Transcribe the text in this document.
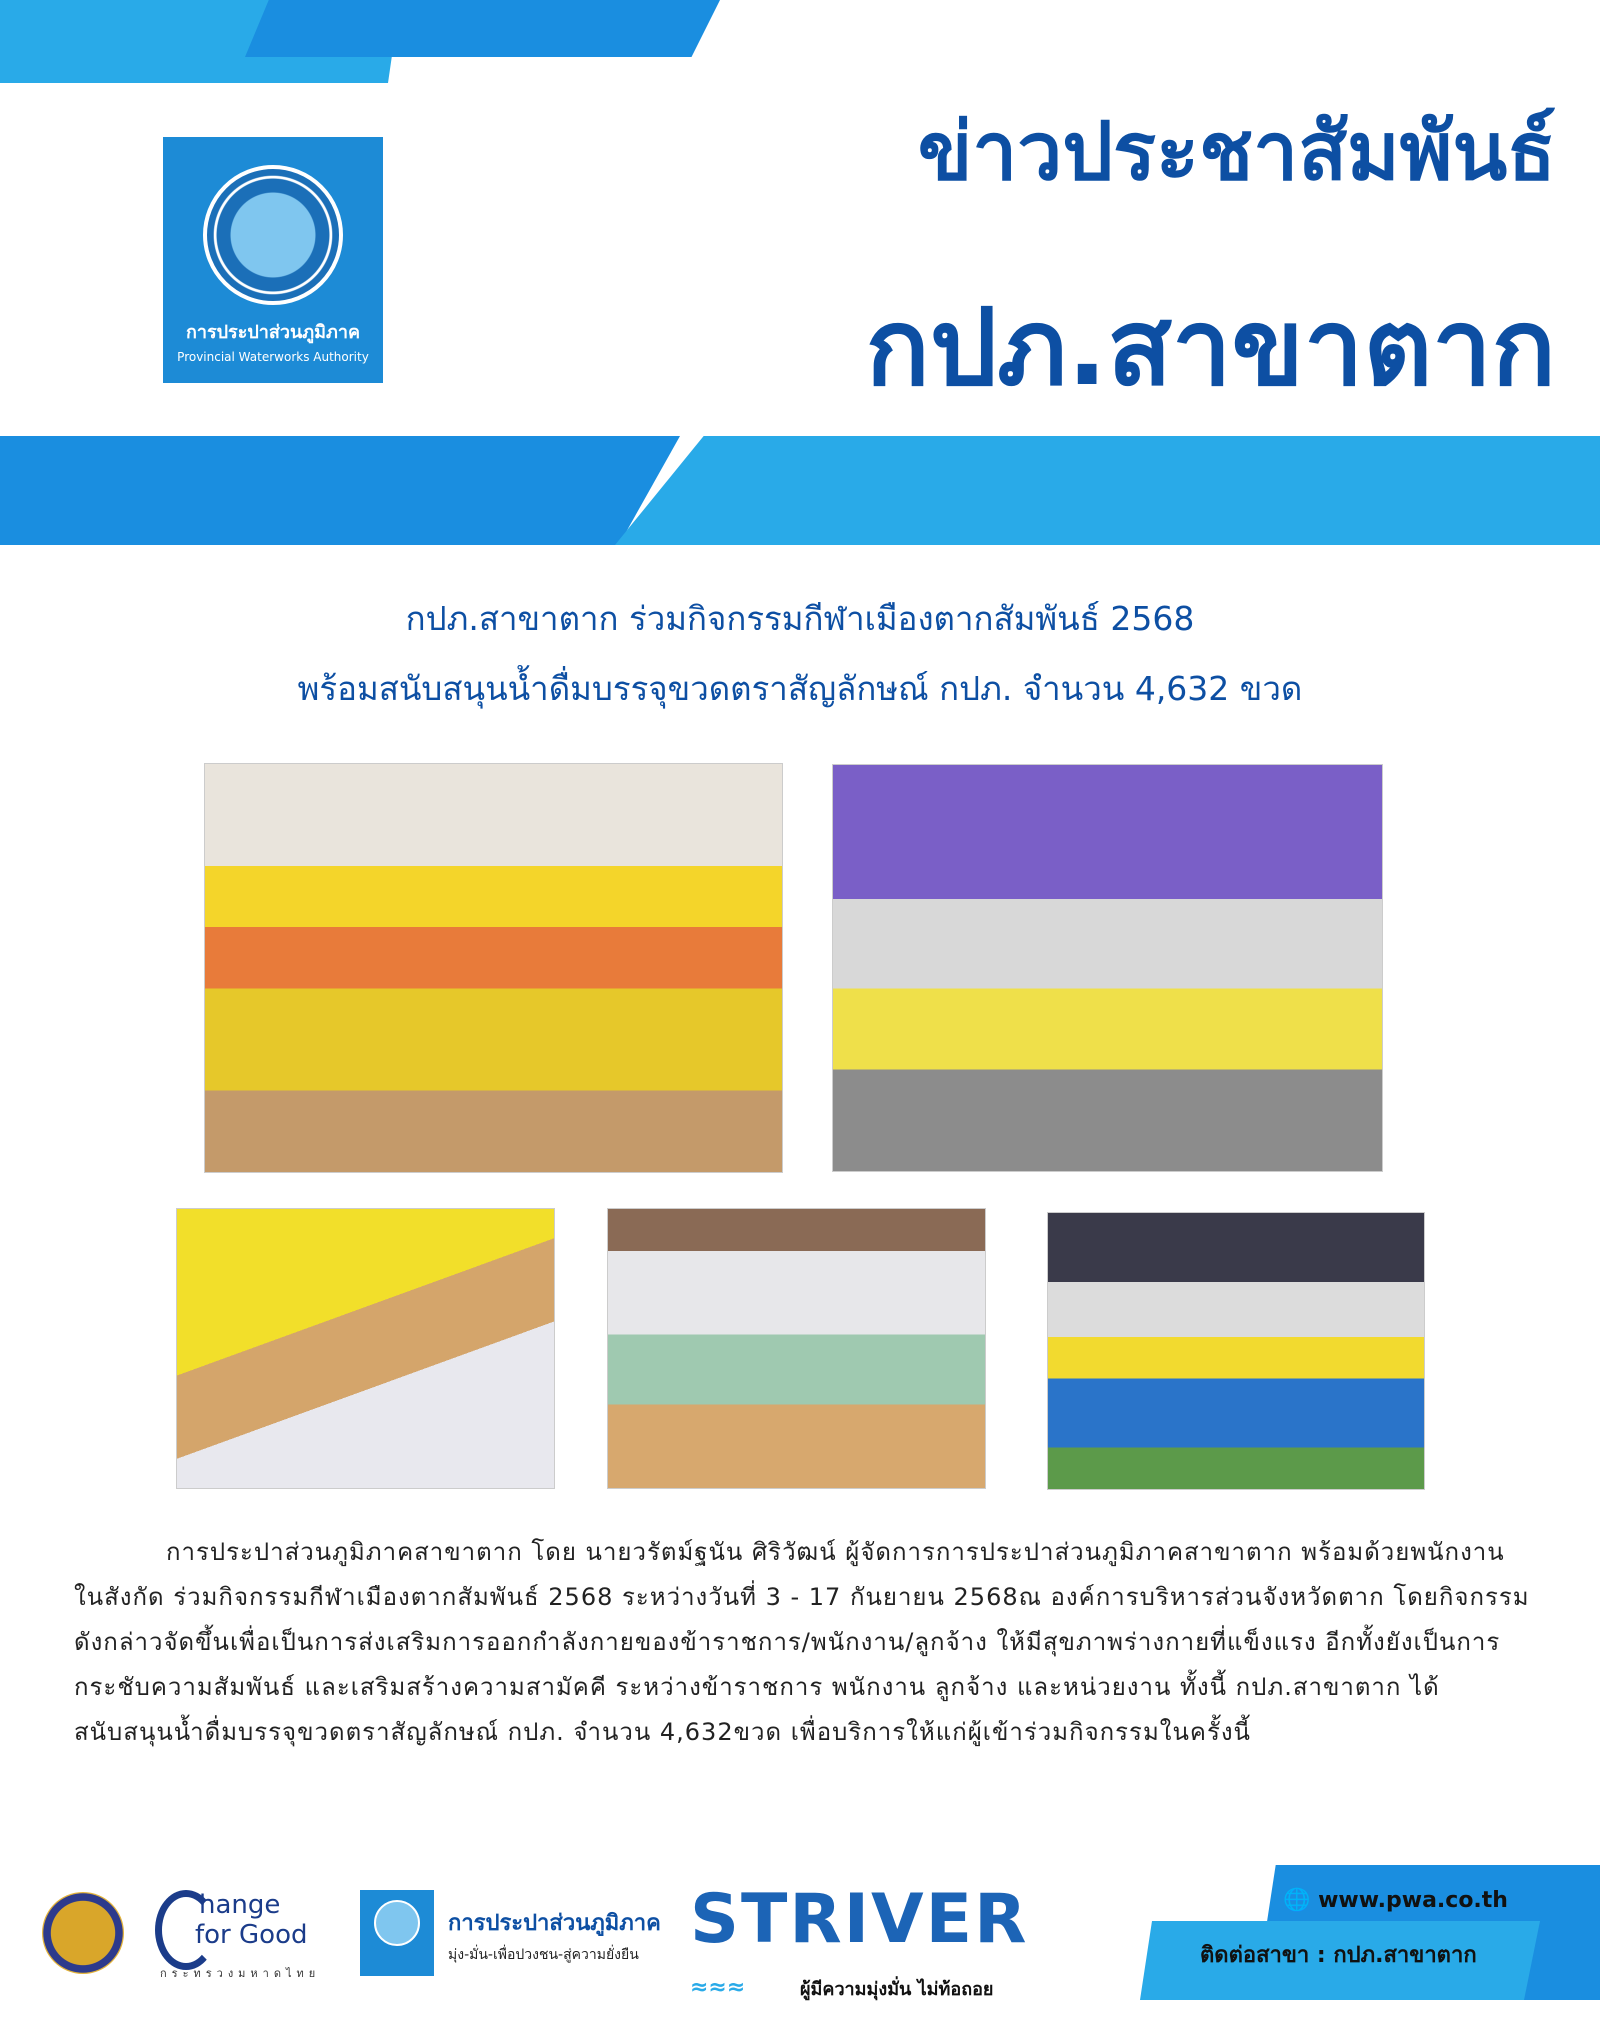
การประปาส่วนภูมิภาค
Provincial Waterworks Authority
ข่าวประชาสัมพันธ์
กปภ.สาขาตาก
กปภ.สาขาตาก ร่วมกิจกรรมกีฬาเมืองตากสัมพันธ์ 2568
พร้อมสนับสนุนน้ำดื่มบรรจุขวดตราสัญลักษณ์ กปภ. จำนวน 4,632 ขวด

การประปาส่วนภูมิภาคสาขาตาก โดย นายวรัตม์ฐนัน ศิริวัฒน์ ผู้จัดการการประปาส่วนภูมิภาคสาขาตาก พร้อมด้วยพนักงานในสังกัด ร่วมกิจกรรมกีฬาเมืองตากสัมพันธ์ 2568 ระหว่างวันที่ 3 - 17 กันยายน 2568ณ องค์การบริหารส่วนจังหวัดตาก โดยกิจกรรมดังกล่าวจัดขึ้นเพื่อเป็นการส่งเสริมการออกกำลังกายของข้าราชการ/พนักงาน/ลูกจ้าง ให้มีสุขภาพร่างกายที่แข็งแรง อีกทั้งยังเป็นการกระชับความสัมพันธ์ และเสริมสร้างความสามัคคี ระหว่างข้าราชการ พนักงาน ลูกจ้าง และหน่วยงาน ทั้งนี้ กปภ.สาขาตาก ได้สนับสนุนน้ำดื่มบรรจุขวดตราสัญลักษณ์ กปภ. จำนวน 4,632ขวด เพื่อบริการให้แก่ผู้เข้าร่วมกิจกรรมในครั้งนี้

hange
for Good
กระทรวงมหาดไทย
การประปาส่วนภูมิภาค
มุ่ง-มั่น-เพื่อปวงชน-สู่ความยั่งยืน STRIVER
≈≈≈	ผู้มีความมุ่งมั่น ไม่ท้อถอย
🌐 www.pwa.co.th
ติดต่อสาขา : กปภ.สาขาตาก
